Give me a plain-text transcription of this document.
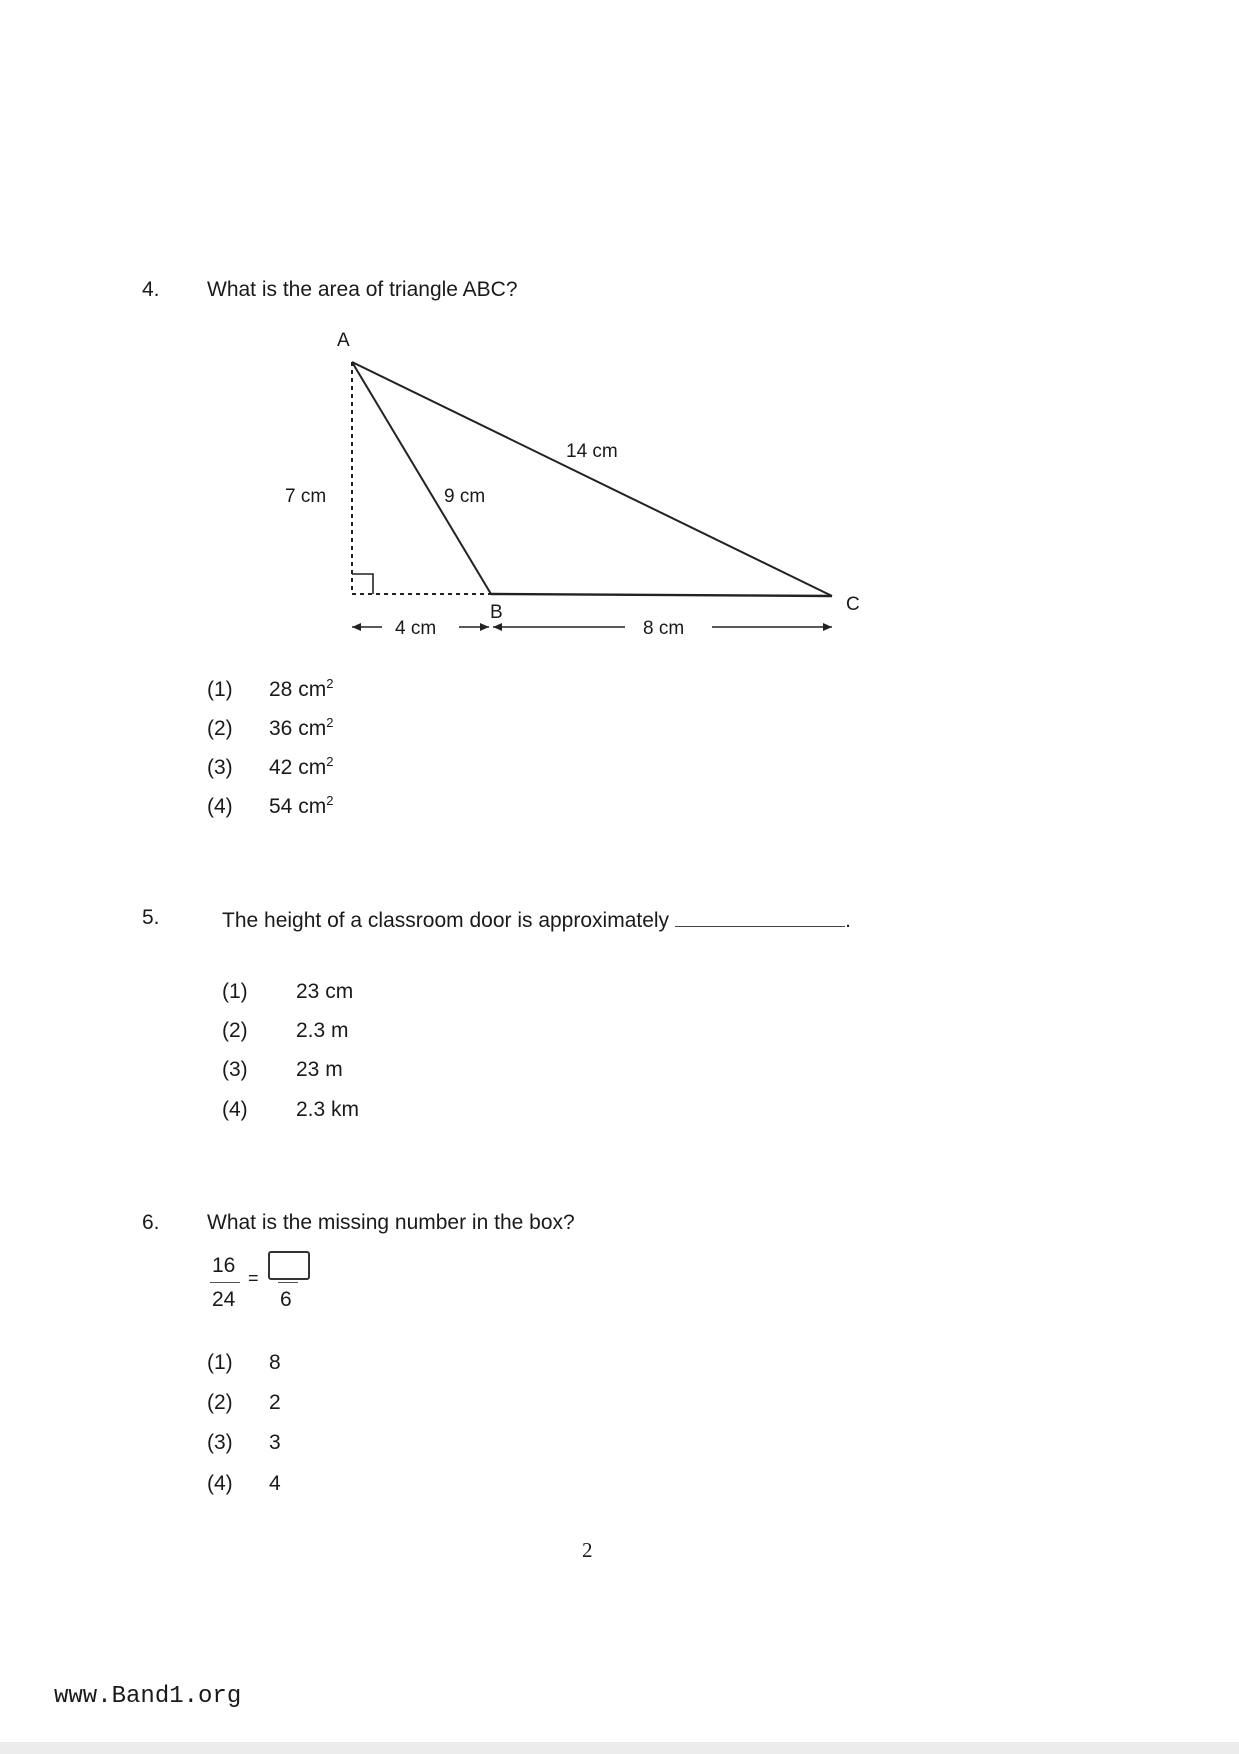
4. What is the area of triangle ABC?
A
B	C
7 cm	9 cm
14 cm
4 cm	8 cm
(1) 28 $cm^2$
(2) 36 $cm^2$
(3) 42 $cm^2$
(4) 54 $cm^2$
5.	The height of a classroom door is approximately	.
(1) 23 cm
(2) 2.3 m
(3) 23 m
(4) 2.3 km
6. What is the missing number in the box?
16
24
=
6
(1) 8
(2) 2
(3) 3
(4) 4
2
www.Band1.org
